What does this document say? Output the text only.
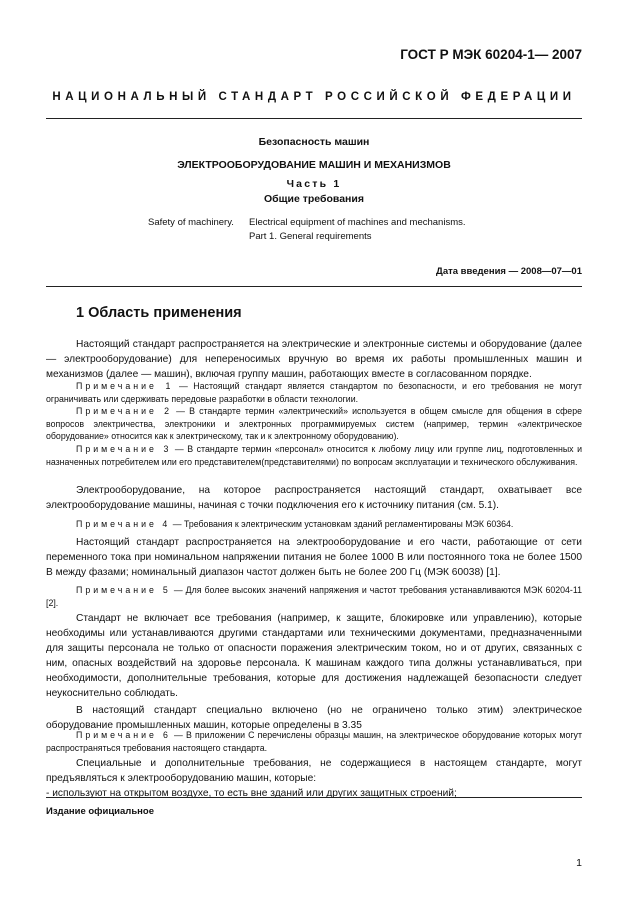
ГОСТ Р МЭК 60204-1— 2007
НАЦИОНАЛЬНЫЙ СТАНДАРТ РОССИЙСКОЙ ФЕДЕРАЦИИ
Безопасность машин
ЭЛЕКТРООБОРУДОВАНИЕ МАШИН И МЕХАНИЗМОВ
Часть 1
Общие требования
Safety of machinery. Electrical equipment of machines and mechanisms.
Part 1. General requirements
Дата введения — 2008—07—01
1 Область применения
Настоящий стандарт распространяется на электрические и электронные системы и оборудование (далее — электрооборудование) для непереносимых вручную во время их работы промышленных машин и механизмов (далее — машин), включая группу машин, работающих вместе в согласованном порядке.
Примечание 1 — Настоящий стандарт является стандартом по безопасности, и его требования не могут ограничивать или сдерживать передовые разработки в области технологии.
Примечание 2 — В стандарте термин «электрический» используется в общем смысле для общения в сфере вопросов электричества, электроники и электронных программируемых систем (например, термин «электрическое оборудование» относится как к электрическому, так и к электронному оборудованию).
Примечание 3 — В стандарте термин «персонал» относится к любому лицу или группе лиц, подготовленных и назначенных потребителем или его представителем(представителями) по вопросам эксплуатации и технического обслуживания.
Электрооборудование, на которое распространяется настоящий стандарт, охватывает все электрооборудование машины, начиная с точки подключения его к источнику питания (см. 5.1).
Примечание 4 — Требования к электрическим установкам зданий регламентированы МЭК 60364.
Настоящий стандарт распространяется на электрооборудование и его части, работающие от сети переменного тока при номинальном напряжении питания не более 1000 В или постоянного тока не более 1500 В между фазами; номинальный диапазон частот должен быть не более 200 Гц (МЭК 60038) [1].
Примечание 5 — Для более высоких значений напряжения и частот требования устанавливаются МЭК 60204-11 [2].
Стандарт не включает все требования (например, к защите, блокировке или управлению), которые необходимы или устанавливаются другими стандартами или техническими документами, предназначенными для защиты персонала не только от опасности поражения электрическим током, но и от других, связанных с ним, опасных воздействий на здоровье персонала. К машинам каждого типа должны устанавливаться, при необходимости, дополнительные требования, которые для достижения надлежащей безопасности следует неукоснительно соблюдать.
В настоящий стандарт специально включено (но не ограничено только этим) электрическое оборудование промышленных машин, которые определены в 3.35
Примечание 6 — В приложении С перечислены образцы машин, на электрическое оборудование которых могут распространяться требования настоящего стандарта.
Специальные и дополнительные требования, не содержащиеся в настоящем стандарте, могут предъявляться к электрооборудованию машин, которые:
- используют на открытом воздухе, то есть вне зданий или других защитных строений;
Издание официальное
1
